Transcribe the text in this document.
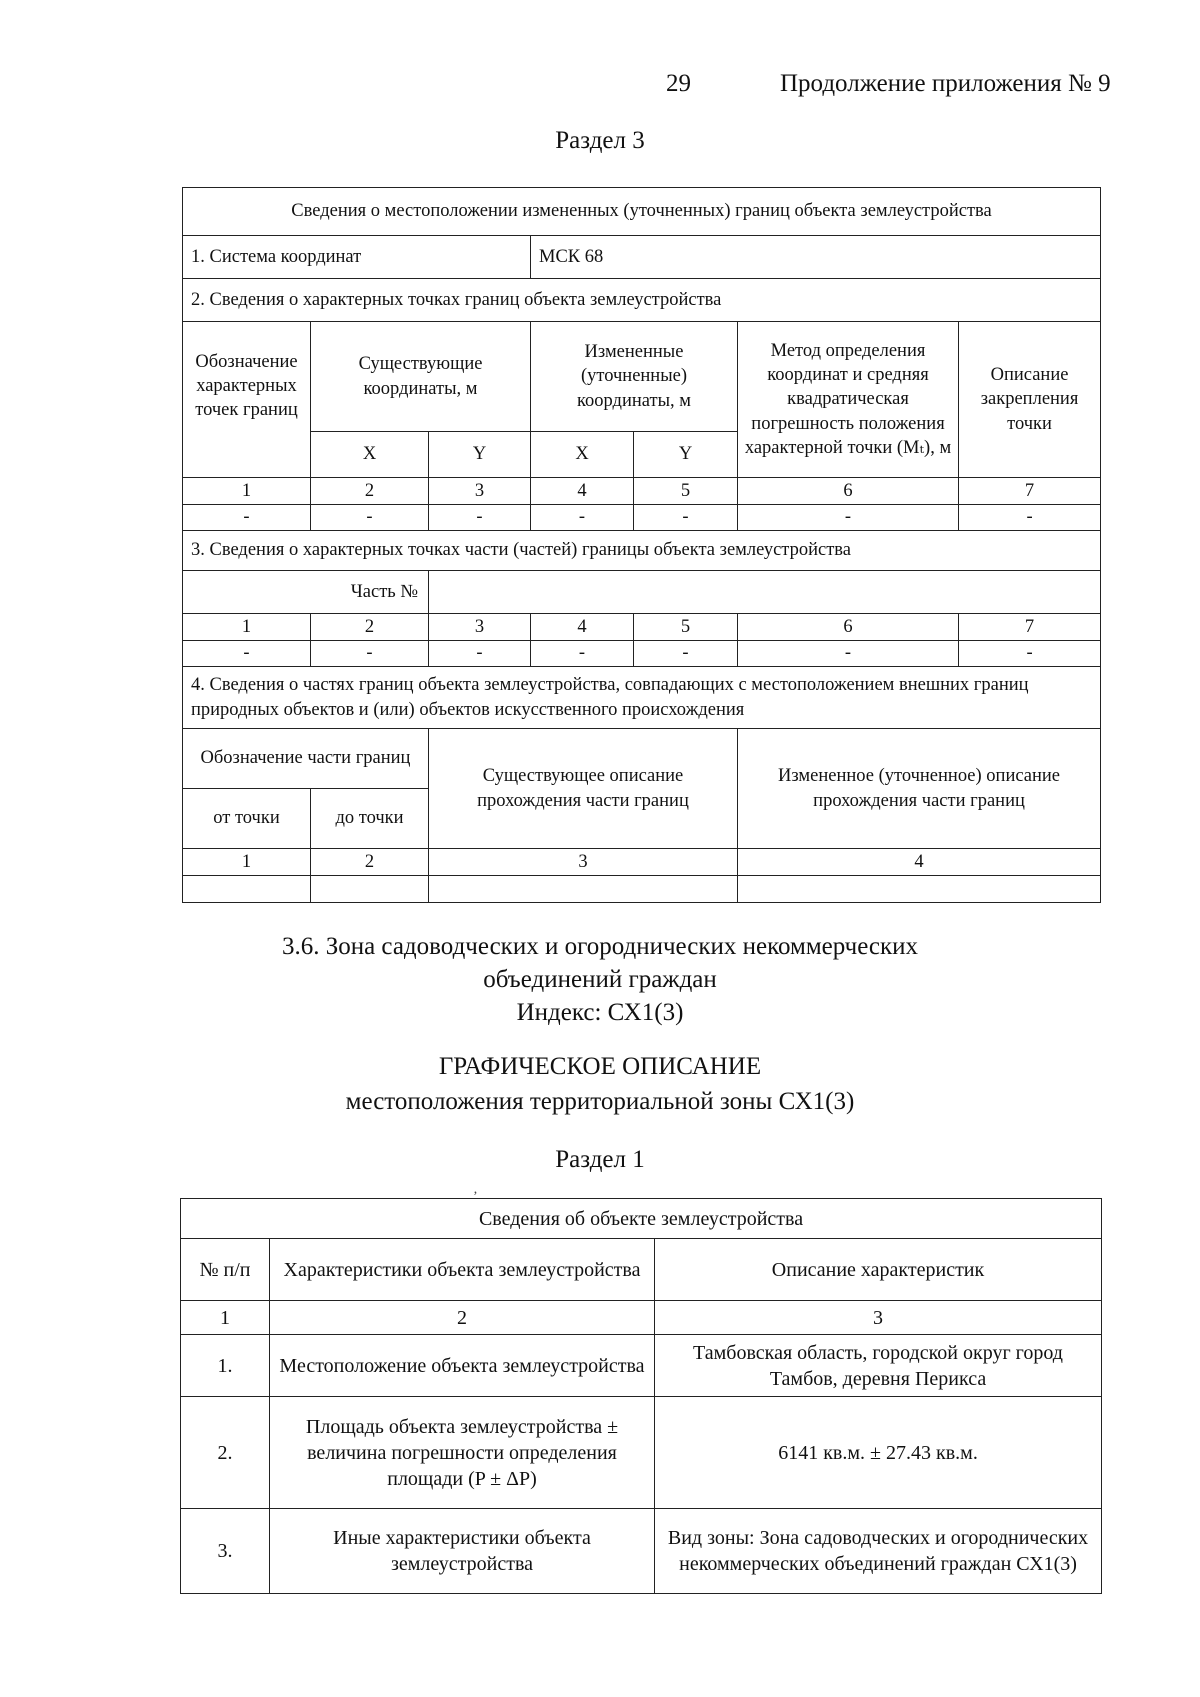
29	Продолжение приложения № 9
Раздел 3
Сведения о местоположении измененных (уточненных) границ объекта землеустройства						
1. Система координат			МСК 68			
2. Сведения о характерных точках границ объекта землеустройства						
Обозначение характерных точек границ	Существующие координаты, м		Измененные (уточненные) координаты, м		Метод определения координат и средняя квадратическая погрешность положения характерной точки (Mₜ), м	Описание закрепления точки
	X	Y	X	Y		
1	2	3	4	5	6	7
-	-	-	-	-	-	-
3. Сведения о характерных точках части (частей) границы объекта землеустройства						
Часть №						
1	2	3	4	5	6	7
-	-	-	-	-	-	-
4. Сведения о частях границ объекта землеустройства, совпадающих с местоположением внешних границ природных объектов и (или) объектов искусственного происхождения						
Обозначение части границ		Существующее описание прохождения части границ			Измененное (уточненное) описание прохождения части границ	
от точки	до точки					
1	2	3			4	

3.6. Зона садоводческих и огороднических некоммерческих
объединений граждан
Индекс: СХ1(3)
ГРАФИЧЕСКОЕ ОПИСАНИЕ
местоположения территориальной зоны СХ1(3)
Раздел 1
‚
Сведения об объекте землеустройства		
№ п/п	Характеристики объекта землеустройства	Описание характеристик
1	2	3
1.	Местоположение объекта землеустройства	Тамбовская область, городской округ город Тамбов, деревня Перикса
2.	Площадь объекта землеустройства ± величина погрешности определения площади (P ± ΔP)	6141 кв.м. ± 27.43 кв.м.
3.	Иные характеристики объекта землеустройства	Вид зоны: Зона садоводческих и огороднических некоммерческих объединений граждан СХ1(3)
